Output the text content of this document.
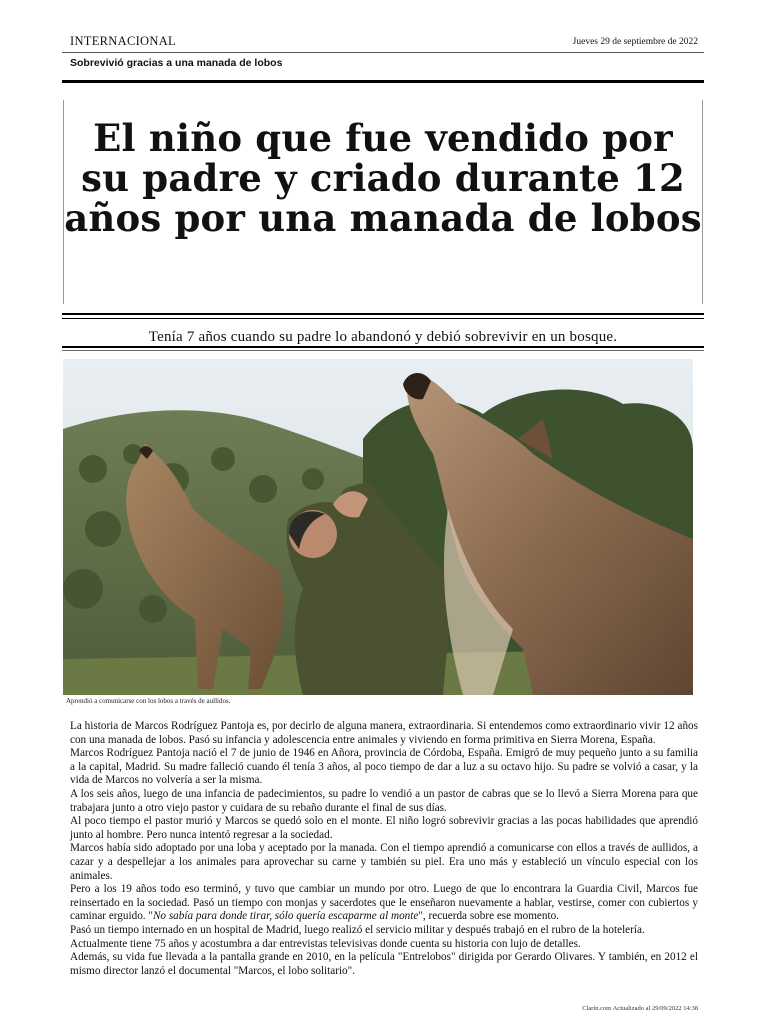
INTERNACIONAL	Jueves 29 de septiembre de 2022
Sobrevivió gracias a una manada de lobos
El niño que fue vendido por su padre y criado durante 12 años por una manada de lobos
Tenía 7 años cuando su padre lo abandonó y debió sobrevivir en un bosque.
Aprendió a comunicarse con los lobos a través de aullidos.

La historia de Marcos Rodríguez Pantoja es, por decirlo de alguna manera, extraordinaria. Si entendemos como extraordinario vivir 12 años con una manada de lobos. Pasó su infancia y adolescencia entre animales y viviendo en forma primitiva en Sierra Morena, España.

Marcos Rodríguez Pantoja nació el 7 de junio de 1946 en Añora, provincia de Córdoba, España. Emigró de muy pequeño junto a su familia a la capital, Madrid. Su madre falleció cuando él tenía 3 años, al poco tiempo de dar a luz a su octavo hijo. Su padre se volvió a casar, y la vida de Marcos no volvería a ser la misma.

A los seis años, luego de una infancia de padecimientos, su padre lo vendió a un pastor de cabras que se lo llevó a Sierra Morena para que trabajara junto a otro viejo pastor y cuidara de su rebaño durante el final de sus días.

Al poco tiempo el pastor murió y Marcos se quedó solo en el monte. El niño logró sobrevivir gracias a las pocas habilidades que aprendió junto al hombre. Pero nunca intentó regresar a la sociedad.

Marcos había sido adoptado por una loba y aceptado por la manada. Con el tiempo aprendió a comunicarse con ellos a través de aullidos, a cazar y a despellejar a los animales para aprovechar su carne y también su piel. Era uno más y estableció un vínculo especial con los animales.

Pero a los 19 años todo eso terminó, y tuvo que cambiar un mundo por otro. Luego de que lo encontrara la Guardia Civil, Marcos fue reinsertado en la sociedad. Pasó un tiempo con monjas y sacerdotes que le enseñaron nuevamente a hablar, vestirse, comer con cubiertos y caminar erguido. "No sabía para donde tirar, sólo quería escaparme al monte", recuerda sobre ese momento.

Pasó un tiempo internado en un hospital de Madrid, luego realizó el servicio militar y después trabajó en el rubro de la hotelería.

Actualmente tiene 75 años y acostumbra a dar entrevistas televisivas donde cuenta su historia con lujo de detalles.

Además, su vida fue llevada a la pantalla grande en 2010, en la película "Entrelobos" dirigida por Gerardo Olivares. Y también, en 2012 el mismo director lanzó el documental "Marcos, el lobo solitario".

Clarín.com Actualizado al 29/09/2022 14:38
